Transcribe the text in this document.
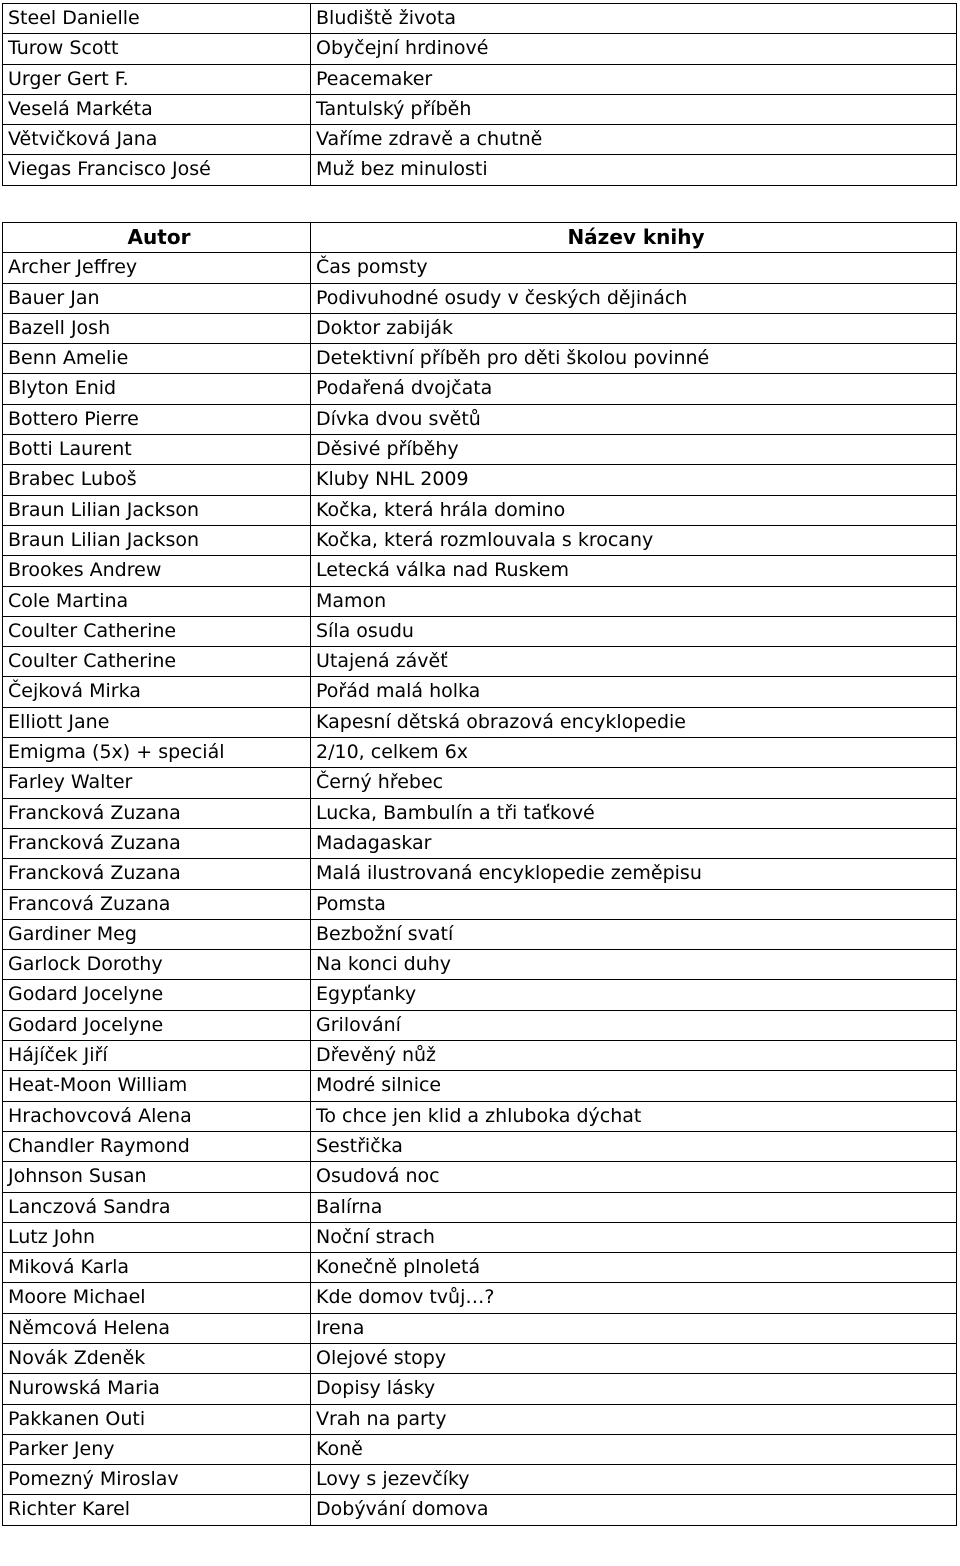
Steel Danielle	Bludiště života
Turow Scott	Obyčejní hrdinové
Urger Gert F.	Peacemaker
Veselá Markéta	Tantulský příběh
Větvičková Jana	Vaříme zdravě a chutně
Viegas Francisco José	Muž bez minulosti
Autor	Název knihy
Archer Jeffrey	Čas pomsty
Bauer Jan	Podivuhodné osudy v českých dějinách
Bazell Josh	Doktor zabiják
Benn Amelie	Detektivní příběh pro děti školou povinné
Blyton Enid	Podařená dvojčata
Bottero Pierre	Dívka dvou světů
Botti Laurent	Děsivé příběhy
Brabec Luboš	Kluby NHL 2009
Braun Lilian Jackson	Kočka, která hrála domino
Braun Lilian Jackson	Kočka, která rozmlouvala s krocany
Brookes Andrew	Letecká válka nad Ruskem
Cole Martina	Mamon
Coulter Catherine	Síla osudu
Coulter Catherine	Utajená závěť
Čejková Mirka	Pořád malá holka
Elliott Jane	Kapesní dětská obrazová encyklopedie
Emigma (5x) + speciál	2/10, celkem 6x
Farley Walter	Černý hřebec
Francková Zuzana	Lucka, Bambulín a tři taťkové
Francková Zuzana	Madagaskar
Francková Zuzana	Malá ilustrovaná encyklopedie zeměpisu
Francová Zuzana	Pomsta
Gardiner Meg	Bezbožní svatí
Garlock Dorothy	Na konci duhy
Godard Jocelyne	Egypťanky
Godard Jocelyne	Grilování
Hájíček Jiří	Dřevěný nůž
Heat-Moon William	Modré silnice
Hrachovcová Alena	To chce jen klid a zhluboka dýchat
Chandler Raymond	Sestřička
Johnson Susan	Osudová noc
Lanczová Sandra	Balírna
Lutz John	Noční strach
Miková Karla	Konečně plnoletá
Moore Michael	Kde domov tvůj…?
Němcová Helena	Irena
Novák Zdeněk	Olejové stopy
Nurowská Maria	Dopisy lásky
Pakkanen Outi	Vrah na party
Parker Jeny	Koně
Pomezný Miroslav	Lovy s jezevčíky
Richter Karel	Dobývání domova
